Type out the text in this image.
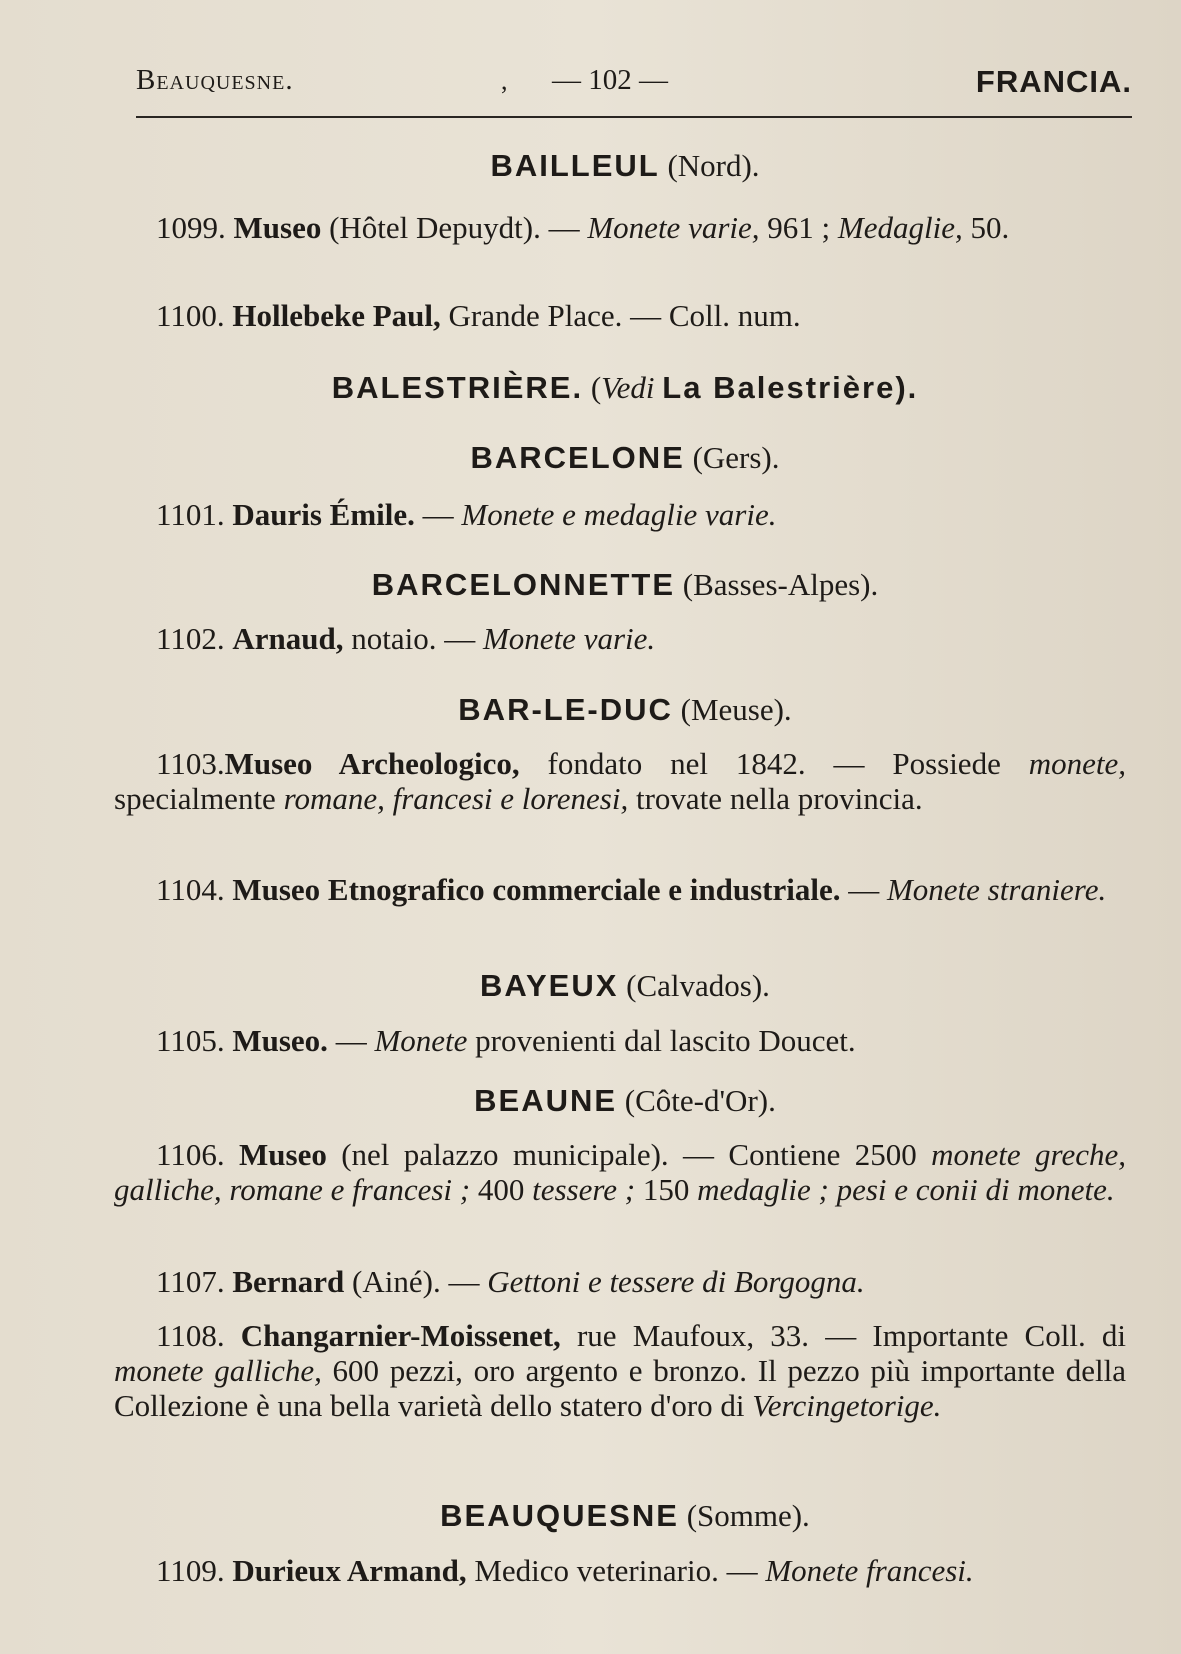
Beauquesne.	, — 102 —	FRANCIA.
BAILLEUL (Nord).
1099. Museo (Hôtel Depuydt). — Monete varie, 961 ; Medaglie, 50.
1100. Hollebeke Paul, Grande Place. — Coll. num.
BALESTRIÈRE. (Vedi La Balestrière).
BARCELONE (Gers).
1101. Dauris Émile. — Monete e medaglie varie.
BARCELONNETTE (Basses-Alpes).
1102. Arnaud, notaio. — Monete varie.
BAR-LE-DUC (Meuse).
1103.Museo Archeologico, fondato nel 1842. — Possiede monete, specialmente romane, francesi e lorenesi, trovate nella provincia.
1104. Museo Etnografico commerciale e industriale. — Monete straniere.
BAYEUX (Calvados).
1105. Museo. — Monete provenienti dal lascito Doucet.
BEAUNE (Côte-d'Or).
1106. Museo (nel palazzo municipale). — Contiene 2500 monete greche, galliche, romane e francesi ; 400 tessere ; 150 medaglie ; pesi e conii di monete.
1107. Bernard (Ainé). — Gettoni e tessere di Borgogna.
1108. Changarnier-Moissenet, rue Maufoux, 33. — Importante Coll. di monete galliche, 600 pezzi, oro argento e bronzo. Il pezzo più importante della Collezione è una bella varietà dello statero d'oro di Vercingetorige.
BEAUQUESNE (Somme).
1109. Durieux Armand, Medico veterinario. — Monete francesi.
